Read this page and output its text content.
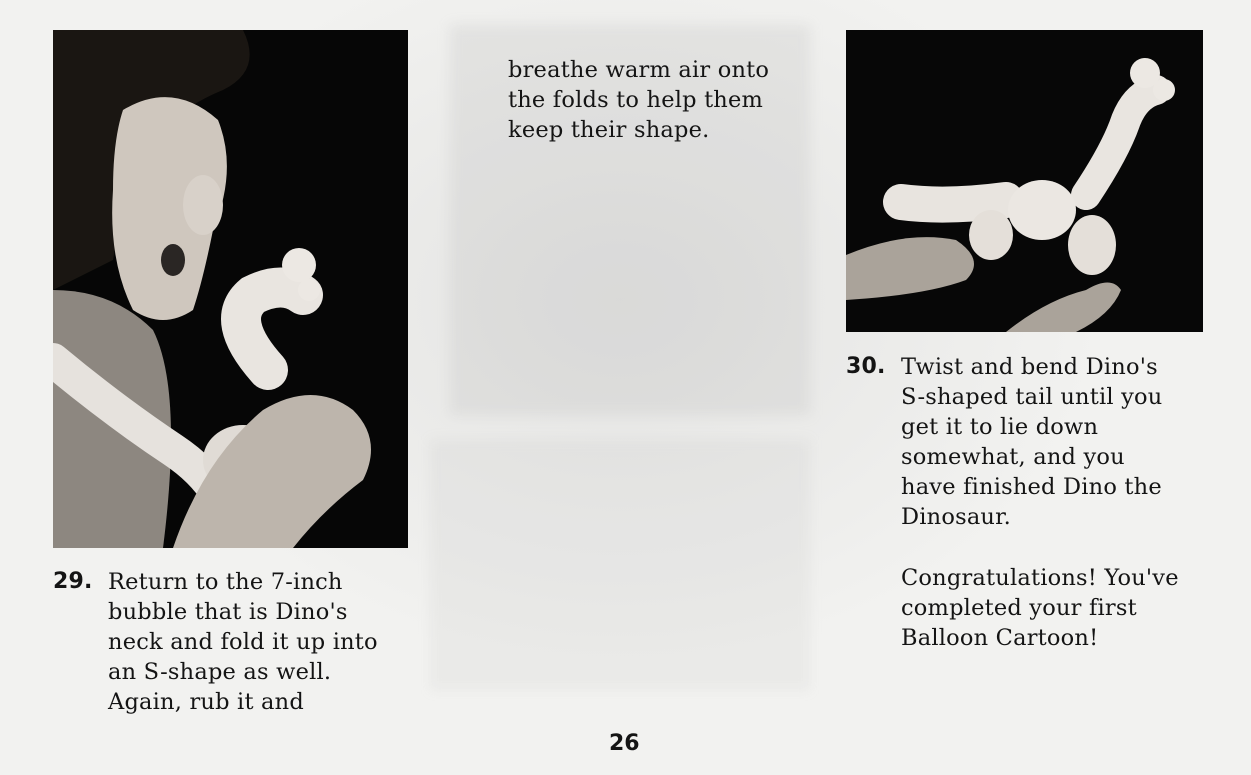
breathe warm air onto
the folds to help them
keep their shape.
29. Return to the 7-inch
bubble that is Dino's
neck and fold it up into
an S-shape as well.
Again, rub it and
30. Twist and bend Dino's
S-shaped tail until you
get it to lie down
somewhat, and you
have finished Dino the
Dinosaur.
Congratulations! You've
completed your first
Balloon Cartoon!
26
